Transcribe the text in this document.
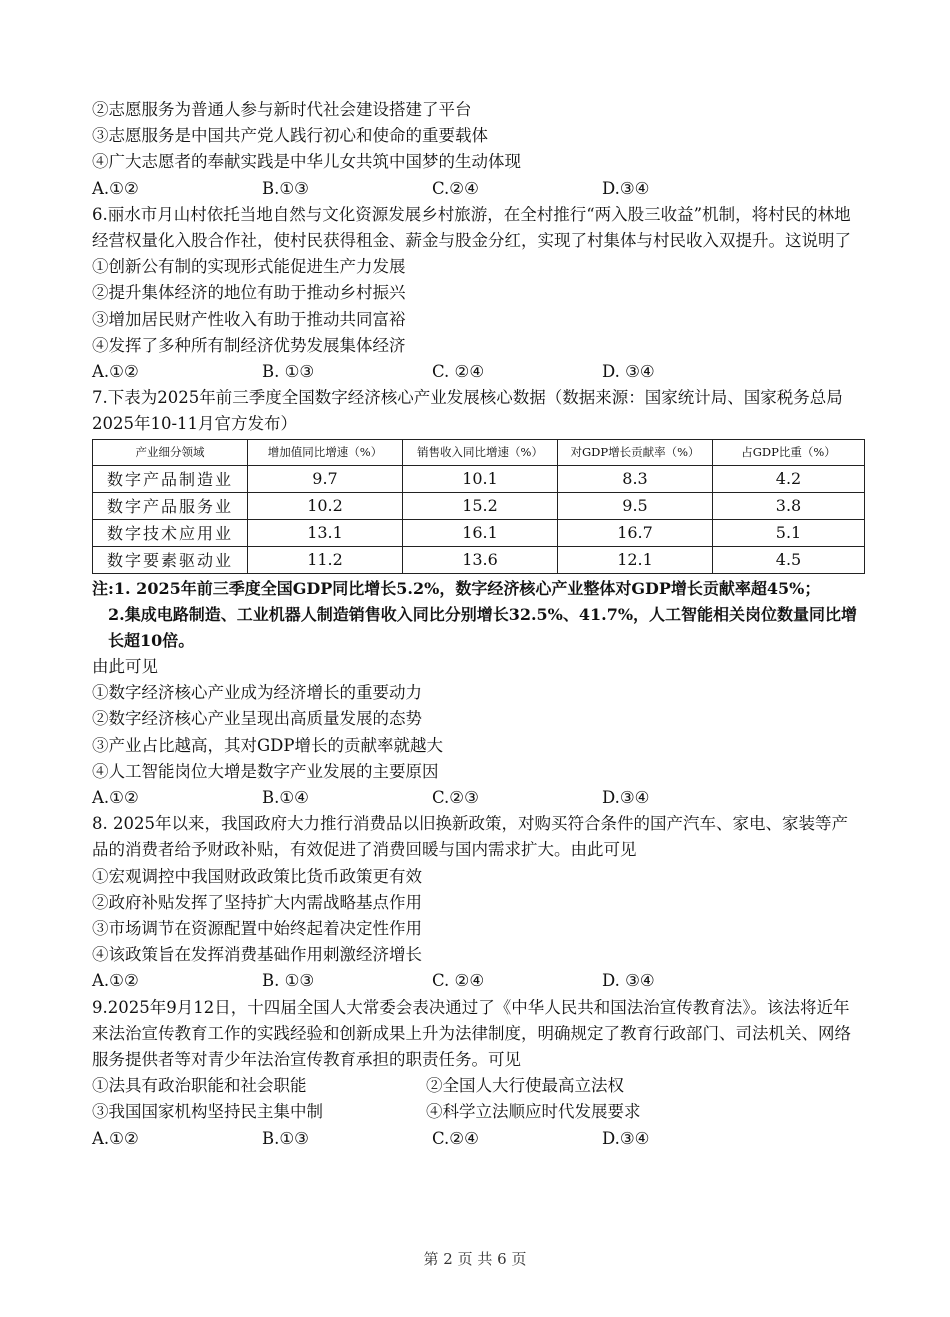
②志愿服务为普通人参与新时代社会建设搭建了平台
③志愿服务是中国共产党人践行初心和使命的重要载体
④广大志愿者的奉献实践是中华儿女共筑中国梦的生动体现
A.①②	B.①③	C.②④	D.③④
6.丽水市月山村依托当地自然与文化资源发展乡村旅游，在全村推行“两入股三收益”机制，将村民的林地经营权量化入股合作社，使村民获得租金、薪金与股金分红，实现了村集体与村民收入双提升。这说明了
①创新公有制的实现形式能促进生产力发展
②提升集体经济的地位有助于推动乡村振兴
③增加居民财产性收入有助于推动共同富裕
④发挥了多种所有制经济优势发展集体经济
A.①②	B. ①③	C. ②④	D. ③④
7.下表为2025年前三季度全国数字经济核心产业发展核心数据（数据来源：国家统计局、国家税务总局2025年10-11月官方发布）
产业细分领域	增加值同比增速（%）	销售收入同比增速（%）	对GDP增长贡献率（%）	占GDP比重（%）
数字产品制造业	9.7	10.1	8.3	4.2
数字产品服务业	10.2	15.2	9.5	3.8
数字技术应用业	13.1	16.1	16.7	5.1
数字要素驱动业	11.2	13.6	12.1	4.5
注:1. 2025年前三季度全国GDP同比增长5.2%，数字经济核心产业整体对GDP增长贡献率超45%；
2.集成电路制造、工业机器人制造销售收入同比分别增长32.5%、41.7%，人工智能相关岗位数量同比增长超10倍。
由此可见
①数字经济核心产业成为经济增长的重要动力
②数字经济核心产业呈现出高质量发展的态势
③产业占比越高，其对GDP增长的贡献率就越大
④人工智能岗位大增是数字产业发展的主要原因
A.①②	B.①④	C.②③	D.③④
8. 2025年以来，我国政府大力推行消费品以旧换新政策，对购买符合条件的国产汽车、家电、家装等产品的消费者给予财政补贴，有效促进了消费回暖与国内需求扩大。由此可见
①宏观调控中我国财政政策比货币政策更有效
②政府补贴发挥了坚持扩大内需战略基点作用
③市场调节在资源配置中始终起着决定性作用
④该政策旨在发挥消费基础作用刺激经济增长
A.①②	B. ①③	C. ②④	D. ③④
9.2025年9月12日，十四届全国人大常委会表决通过了《中华人民共和国法治宣传教育法》。该法将近年来法治宣传教育工作的实践经验和创新成果上升为法律制度，明确规定了教育行政部门、司法机关、网络服务提供者等对青少年法治宣传教育承担的职责任务。可见
①法具有政治职能和社会职能	②全国人大行使最高立法权
③我国国家机构坚持民主集中制	④科学立法顺应时代发展要求
A.①②	B.①③	C.②④	D.③④
第 2 页 共 6 页
